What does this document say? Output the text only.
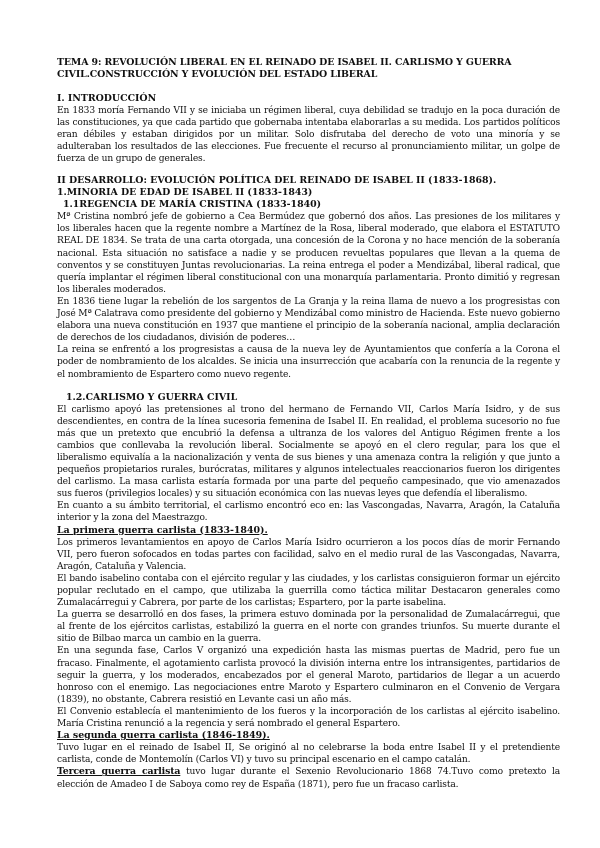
TEMA 9: REVOLUCIÓN LIBERAL EN EL REINADO DE ISABEL II. CARLISMO Y GUERRA CIVIL.CONSTRUCCIÓN Y EVOLUCIÓN DEL ESTADO LIBERAL
I. INTRODUCCIÓN

En 1833 moría Fernando VII y se iniciaba un régimen liberal, cuya debilidad se tradujo en la poca duración de las constituciones, ya que cada partido que gobernaba intentaba elaborarlas a su medida. Los partidos políticos eran débiles y estaban dirigidos por un militar. Solo disfrutaba del derecho de voto una minoría y se adulteraban los resultados de las elecciones. Fue frecuente el recurso al pronunciamiento militar, un golpe de fuerza de un grupo de generales.

II DESARROLLO: EVOLUCIÓN POLÍTICA DEL REINADO DE ISABEL II (1833-1868).
1.MINORIA DE EDAD DE ISABEL II (1833-1843)
1.1REGENCIA DE MARÍA CRISTINA (1833-1840)

Mª Cristina nombró jefe de gobierno a Cea Bermúdez que gobernó dos años. Las presiones de los militares y los liberales hacen que la regente nombre a Martínez de la Rosa, liberal moderado, que elabora el ESTATUTO REAL DE 1834. Se trata de una carta otorgada, una concesión de la Corona y no hace mención de la soberanía nacional. Esta situación no satisface a nadie y se producen revueltas populares que llevan a la quema de conventos y se constituyen Juntas revolucionarias. La reina entrega el poder a Mendizábal, liberal radical, que quería implantar el régimen liberal constitucional con una monarquía parlamentaria. Pronto dimitió y regresan los liberales moderados.

En 1836 tiene lugar la rebelión de los sargentos de La Granja y la reina llama de nuevo a los progresistas con José Mª Calatrava como presidente del gobierno y Mendizábal como ministro de Hacienda. Este nuevo gobierno elabora una nueva constitución en 1937 que mantiene el principio de la soberanía nacional, amplia declaración de derechos de los ciudadanos, división de poderes…

La reina se enfrentó a los progresistas a causa de la nueva ley de Ayuntamientos que confería a la Corona el poder de nombramiento de los alcaldes. Se inicia una insurrección que acabaría con la renuncia de la regente y el nombramiento de Espartero como nuevo regente.

1.2.CARLISMO Y GUERRA CIVIL

El carlismo apoyó las pretensiones al trono del hermano de Fernando VII, Carlos María Isidro, y de sus descendientes, en contra de la línea sucesoria femenina de Isabel II. En realidad, el problema sucesorio no fue más que un pretexto que encubrió la defensa a ultranza de los valores del Antiguo Régimen frente a los cambios que conllevaba la revolución liberal. Socialmente se apoyó en el clero regular, para los que el liberalismo equivalía a la nacionalización y venta de sus bienes y una amenaza contra la religión y que junto a pequeños propietarios rurales, burócratas, militares y algunos intelectuales reaccionarios fueron los dirigentes del carlismo. La masa carlista estaría formada por una parte del pequeño campesinado, que vio amenazados sus fueros (privilegios locales) y su situación económica con las nuevas leyes que defendía el liberalismo.

En cuanto a su ámbito territorial, el carlismo encontró eco en: las Vascongadas, Navarra, Aragón, la Cataluña interior y la zona del Maestrazgo.

La primera guerra carlista (1833-1840).

Los primeros levantamientos en apoyo de Carlos María Isidro ocurrieron a los pocos días de morir Fernando VII, pero fueron sofocados en todas partes con facilidad, salvo en el medio rural de las Vascongadas, Navarra, Aragón, Cataluña y Valencia.

El bando isabelino contaba con el ejército regular y las ciudades, y los carlistas consiguieron formar un ejército popular reclutado en el campo, que utilizaba la guerrilla como táctica militar Destacaron generales como Zumalacárregui y Cabrera, por parte de los carlistas; Espartero, por la parte isabelina.

La guerra se desarrolló en dos fases, la primera estuvo dominada por la personalidad de Zumalacárregui, que al frente de los ejércitos carlistas, estabilizó la guerra en el norte con grandes triunfos. Su muerte durante el sitio de Bilbao marca un cambio en la guerra.

En una segunda fase, Carlos V organizó una expedición hasta las mismas puertas de Madrid, pero fue un fracaso. Finalmente, el agotamiento carlista provocó la división interna entre los intransigentes, partidarios de seguir la guerra, y los moderados, encabezados por el general Maroto, partidarios de llegar a un acuerdo honroso con el enemigo. Las negociaciones entre Maroto y Espartero culminaron en el Convenio de Vergara (1839), no obstante, Cabrera resistió en Levante casi un año más.

El Convenio establecía el mantenimiento de los fueros y la incorporación de los carlistas al ejército isabelino. María Cristina renunció a la regencia y será nombrado el general Espartero.

La segunda guerra carlista (1846-1849).

Tuvo lugar en el reinado de Isabel II, Se originó al no celebrarse la boda entre Isabel II y el pretendiente carlista, conde de Montemolín (Carlos VI) y tuvo su principal escenario en el campo catalán.

Tercera guerra carlista tuvo lugar durante el Sexenio Revolucionario 1868 74.Tuvo como pretexto la elección de Amadeo I de Saboya como rey de España (1871), pero fue un fracaso carlista.
